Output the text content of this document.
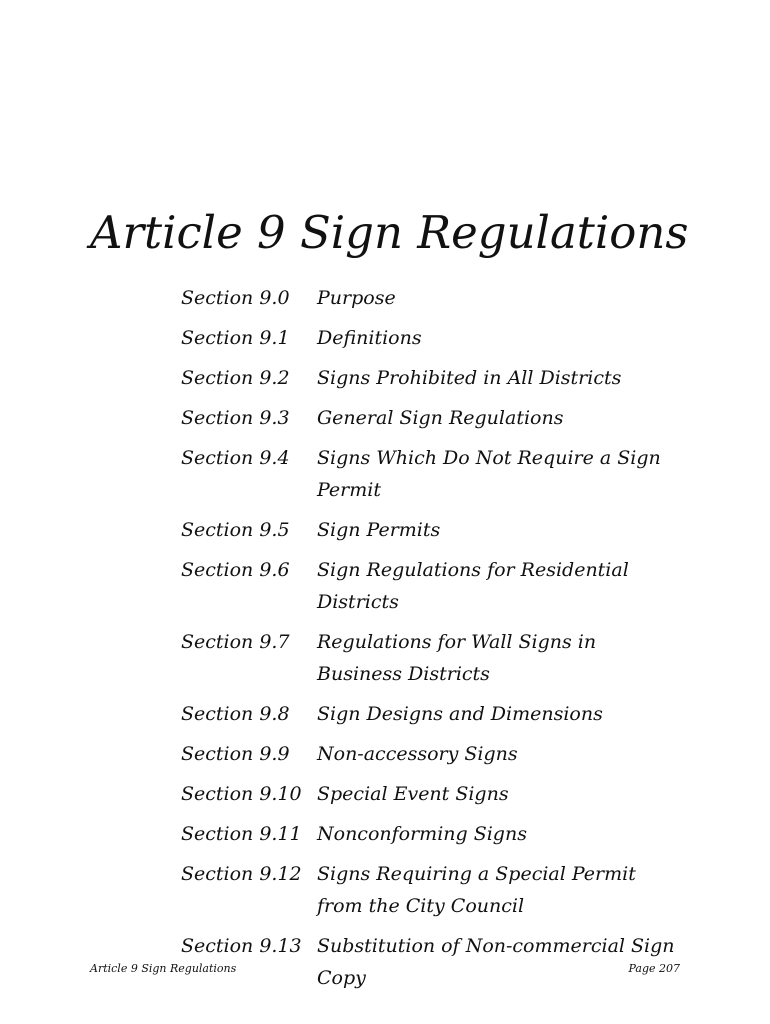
Article 9 Sign Regulations
Section 9.0	Purpose
Section 9.1	Definitions
Section 9.2	Signs Prohibited in All Districts
Section 9.3	General Sign Regulations
Section 9.4	Signs Which Do Not Require a Sign Permit
Section 9.5	Sign Permits
Section 9.6	Sign Regulations for Residential Districts
Section 9.7	Regulations for Wall Signs in Business Districts
Section 9.8	Sign Designs and Dimensions
Section 9.9	Non-accessory Signs
Section 9.10 Special Event Signs
Section 9.11 Nonconforming Signs
Section 9.12 Signs Requiring a Special Permit from the City Council
Section 9.13 Substitution of Non-commercial Sign Copy
Article 9 Sign Regulations	Page 207
